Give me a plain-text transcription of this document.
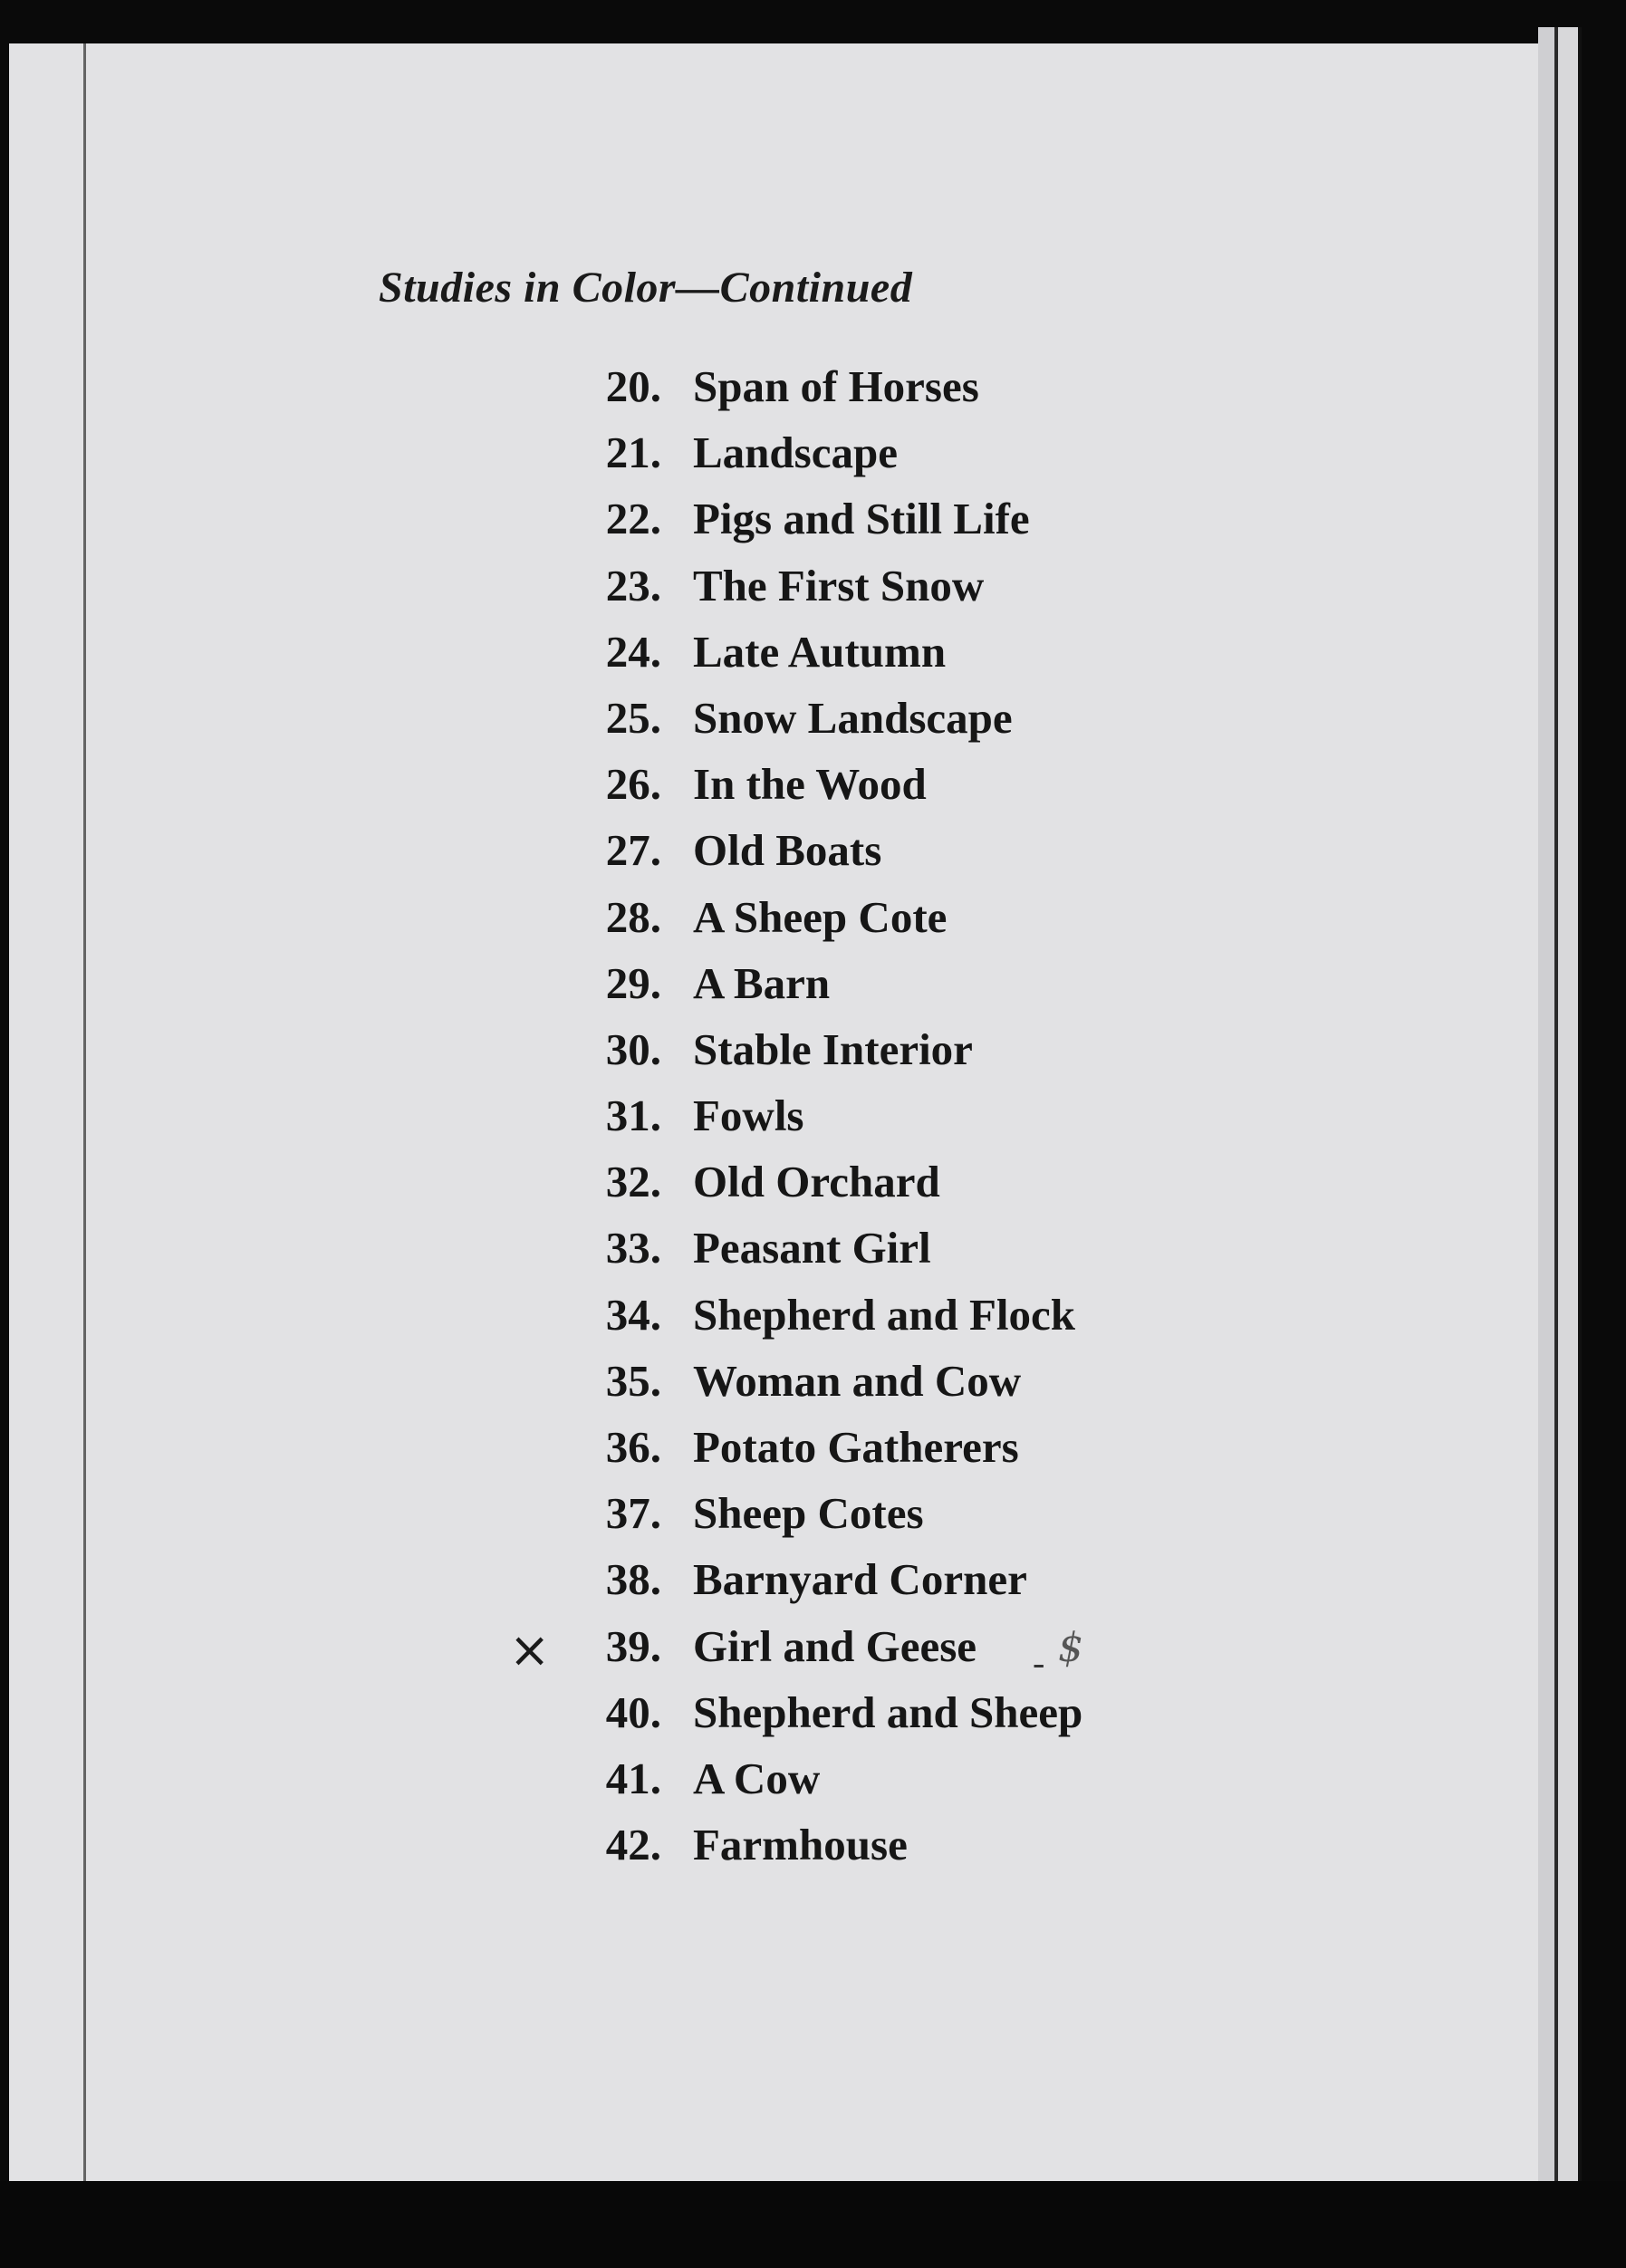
Studies in Color—Continued
20. Span of Horses
21. Landscape
22. Pigs and Still Life
23. The First Snow
24. Late Autumn
25. Snow Landscape
26. In the Wood
27. Old Boats
28. A Sheep Cote
29. A Barn
30. Stable Interior
31. Fowls
32. Old Orchard
33. Peasant Girl
34. Shepherd and Flock
35. Woman and Cow
36. Potato Gatherers
37. Sheep Cotes
38. Barnyard Corner
39. Girl and Geese
40. Shepherd and Sheep
41. A Cow
42. Farmhouse
×	- $
